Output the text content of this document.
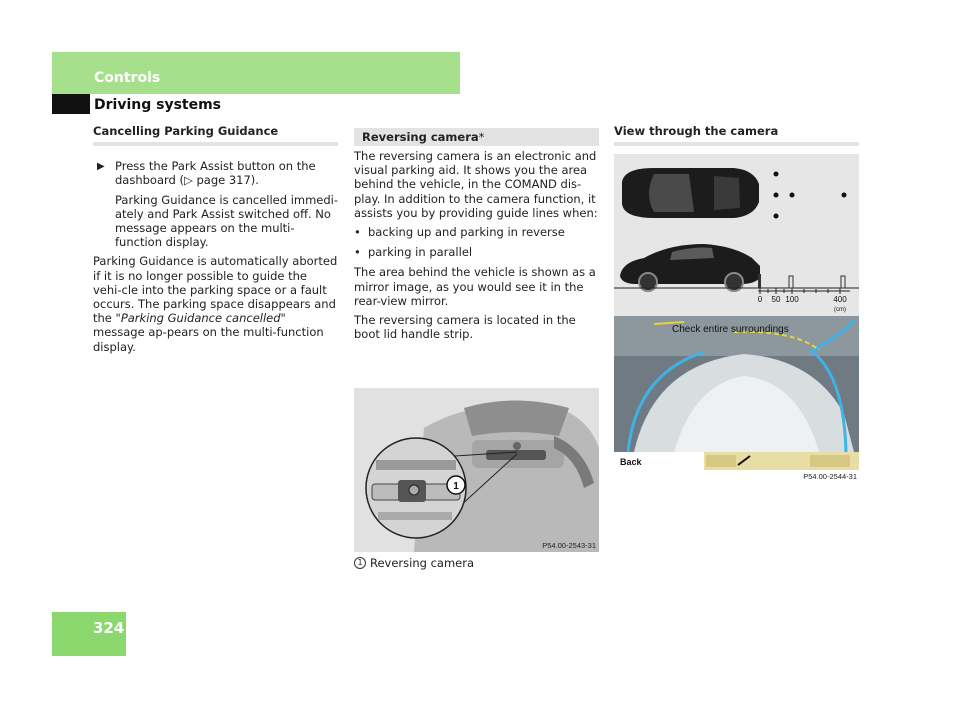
Controls
Driving systems
Cancelling Parking Guidance
▶ Press the Park Assist button on the dashboard (▷ page 317).

Parking Guidance is cancelled immedi-ately and Park Assist switched off. No message appears on the multi-function display.

Parking Guidance is automatically aborted if it is no longer possible to guide the vehi-cle into the parking space or a fault occurs. The parking space disappears and the "Parking Guidance cancelled" message ap-pears on the multi-function display.

Reversing camera*

The reversing camera is an electronic and visual parking aid. It shows you the area behind the vehicle, in the COMAND dis-play. In addition to the camera function, it assists you by providing guide lines when:

• backing up and parking in reverse
• parking in parallel

The area behind the vehicle is shown as a mirror image, as you would see it in the rear-view mirror.

The reversing camera is located in the boot lid handle strip.

1
P54.00-2543-31
1 Reversing camera
View through the camera
0 50 100	400
(cm)
Check entire surroundings
Back
P54.00-2544-31
324
